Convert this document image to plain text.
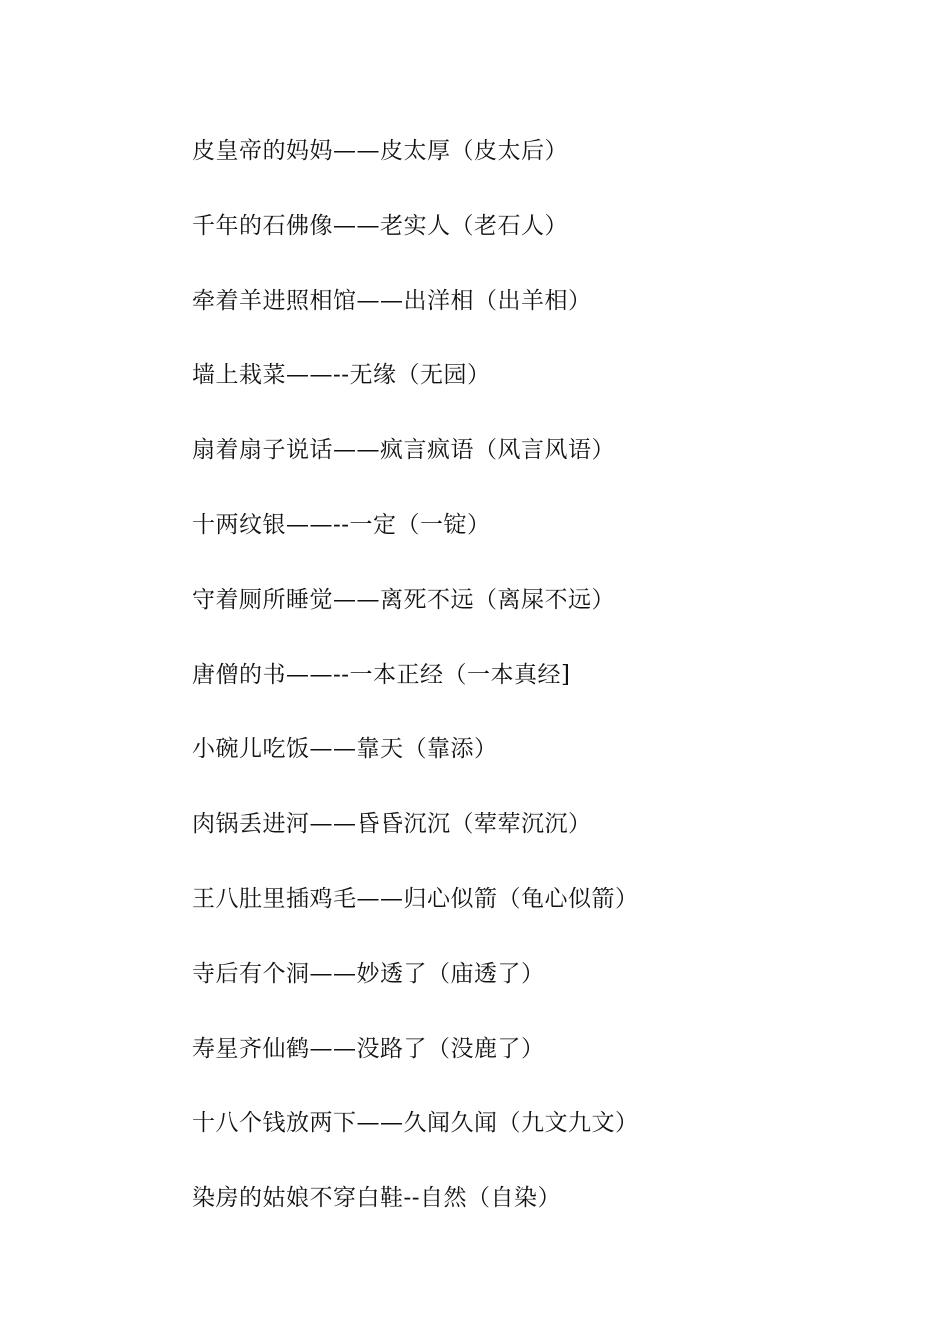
皮皇帝的妈妈——皮太厚（皮太后）
千年的石佛像——老实人（老石人）
牵着羊进照相馆——出洋相（出羊相）
墙上栽菜——--无缘（无园）
扇着扇子说话——疯言疯语（风言风语）
十两纹银——--一定（一锭）
守着厕所睡觉——离死不远（离屎不远）
唐僧的书——--一本正经（一本真经]
小碗儿吃饭——靠天（靠添）
肉锅丢进河——昏昏沉沉（荤荤沉沉）
王八肚里插鸡毛——归心似箭（龟心似箭）
寺后有个洞——妙透了（庙透了）
寿星齐仙鹤——没路了（没鹿了）
十八个钱放两下——久闻久闻（九文九文）
染房的姑娘不穿白鞋--自然（自染）
